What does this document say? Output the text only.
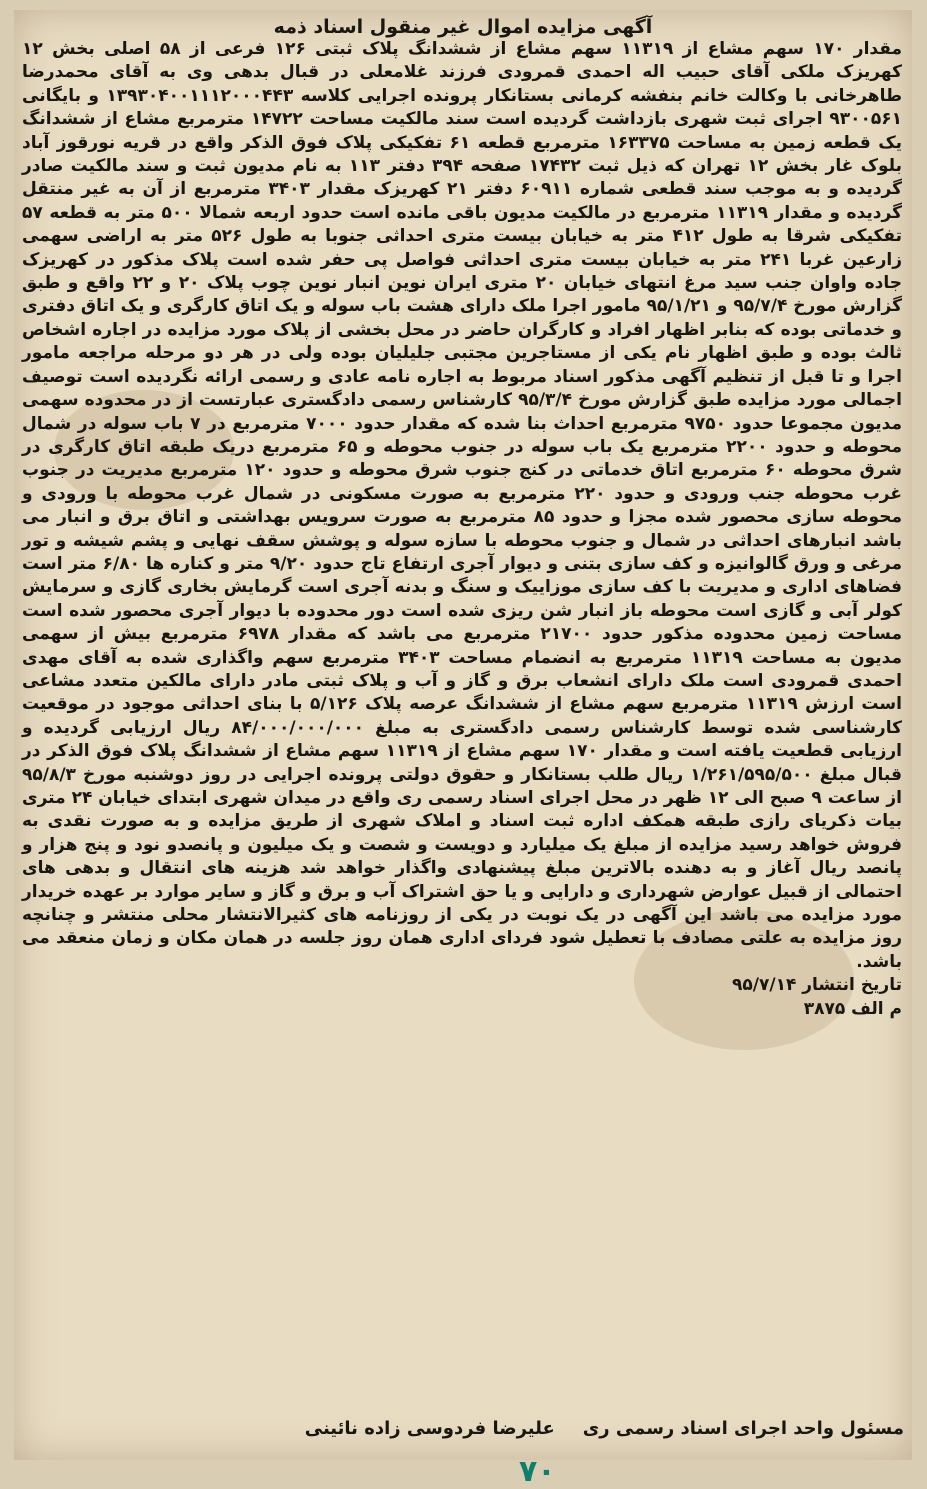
آگهی مزایده اموال غیر منقول اسناد ذمه

مقدار ۱۷۰ سهم مشاع از ۱۱۳۱۹ سهم مشاع از ششدانگ پلاک ثبتی ۱۲۶ فرعی از ۵۸ اصلی بخش ۱۲ کهریزک ملکی آقای حبیب اله احمدی قمرودی فرزند غلامعلی در قبال بدهی وی به آقای محمدرضا طاهرخانی با وکالت خانم بنفشه کرمانی بستانکار پرونده اجرایی کلاسه ۱۳۹۳۰۴۰۰۱۱۱۲۰۰۰۴۴۳ و بایگانی ۹۳۰۰۵۶۱ اجرای ثبت شهری بازداشت گردیده است سند مالکیت مساحت ۱۴۷۲۲ مترمربع مشاع از ششدانگ یک قطعه زمین به مساحت ۱۶۳۳۷۵ مترمربع قطعه ۶۱ تفکیکی پلاک فوق الذکر واقع در قریه نورقوز آباد بلوک غار بخش ۱۲ تهران که ذیل ثبت ۱۷۴۳۲ صفحه ۳۹۴ دفتر ۱۱۳ به نام مدیون ثبت و سند مالکیت صادر گردیده و به موجب سند قطعی شماره ۶۰۹۱۱ دفتر ۲۱ کهریزک مقدار ۳۴۰۳ مترمربع از آن به غیر منتقل گردیده و مقدار ۱۱۳۱۹ مترمربع در مالکیت مدیون باقی مانده است حدود اربعه شمالا ۵۰۰ متر به قطعه ۵۷ تفکیکی شرقا به طول ۴۱۲ متر به خیابان بیست متری احداثی جنوبا به طول ۵۲۶ متر به اراضی سهمی زارعین غربا ۲۴۱ متر به خیابان بیست متری احداثی فواصل پی حفر شده است پلاک مذکور در کهریزک جاده واوان جنب سید مرغ انتهای خیابان ۲۰ متری ایران نوین انبار نوین چوب پلاک ۲۰ و ۲۲ واقع و طبق گزارش مورخ ۹۵/۷/۴ و ۹۵/۱/۲۱ مامور اجرا ملک دارای هشت باب سوله و یک اتاق کارگری و یک اتاق دفتری و خدماتی بوده که بنابر اظهار افراد و کارگران حاضر در محل بخشی از پلاک مورد مزایده در اجاره اشخاص ثالث بوده و طبق اظهار نام یکی از مستاجرین مجتبی جلیلیان بوده ولی در هر دو مرحله مراجعه مامور اجرا و تا قبل از تنظیم آگهی مذکور اسناد مربوط به اجاره نامه عادی و رسمی ارائه نگردیده است توصیف اجمالی مورد مزایده طبق گزارش مورخ ۹۵/۳/۴ کارشناس رسمی دادگستری عبارتست از در محدوده سهمی مدیون مجموعا حدود ۹۷۵۰ مترمربع احداث بنا شده که مقدار حدود ۷۰۰۰ مترمربع در ۷ باب سوله در شمال محوطه و حدود ۲۲۰۰ مترمربع یک باب سوله در جنوب محوطه و ۶۵ مترمربع دریک طبقه اتاق کارگری در شرق محوطه ۶۰ مترمربع اتاق خدماتی در کنج جنوب شرق محوطه و حدود ۱۲۰ مترمربع مدیریت در جنوب غرب محوطه جنب ورودی و حدود ۲۲۰ مترمربع به صورت مسکونی در شمال غرب محوطه با ورودی و محوطه سازی محصور شده مجزا و حدود ۸۵ مترمربع به صورت سرویس بهداشتی و اتاق برق و انبار می باشد انبارهای احداثی در شمال و جنوب محوطه با سازه سوله و پوشش سقف نهایی و پشم شیشه و تور مرغی و ورق گالوانیزه و کف سازی بتنی و دیوار آجری ارتفاع تاج حدود ۹/۲۰ متر و کناره ها ۶/۸۰ متر است فضاهای اداری و مدیریت با کف سازی موزاییک و سنگ و بدنه آجری است گرمایش بخاری گازی و سرمایش کولر آبی و گازی است محوطه باز انبار شن ریزی شده است دور محدوده با دیوار آجری محصور شده است مساحت زمین محدوده مذکور حدود ۲۱۷۰۰ مترمربع می باشد که مقدار ۶۹۷۸ مترمربع بیش از سهمی مدیون به مساحت ۱۱۳۱۹ مترمربع به انضمام مساحت ۳۴۰۳ مترمربع سهم واگذاری شده به آقای مهدی احمدی قمرودی است ملک دارای انشعاب برق و گاز و آب و پلاک ثبتی مادر دارای مالکین متعدد مشاعی است ارزش ۱۱۳۱۹ مترمربع سهم مشاع از ششدانگ عرصه پلاک ۵/۱۲۶ با بنای احداثی موجود در موقعیت کارشناسی شده توسط کارشناس رسمی دادگستری به مبلغ ۸۴/۰۰۰/۰۰۰/۰۰۰ ریال ارزیابی گردیده و ارزیابی قطعیت یافته است و مقدار ۱۷۰ سهم مشاع از ۱۱۳۱۹ سهم مشاع از ششدانگ پلاک فوق الذکر در قبال مبلغ ۱/۲۶۱/۵۹۵/۵۰۰ ریال طلب بستانکار و حقوق دولتی پرونده اجرایی در روز دوشنبه مورخ ۹۵/۸/۳ از ساعت ۹ صبح الی ۱۲ ظهر در محل اجرای اسناد رسمی ری واقع در میدان شهری ابتدای خیابان ۲۴ متری بیات ذکریای رازی طبقه همکف اداره ثبت اسناد و املاک شهری از طریق مزایده و به صورت نقدی به فروش خواهد رسید مزایده از مبلغ یک میلیارد و دویست و شصت و یک میلیون و پانصدو نود و پنج هزار و پانصد ریال آغاز و به دهنده بالاترین مبلغ پیشنهادی واگذار خواهد شد هزینه های انتقال و بدهی های احتمالی از قبیل عوارض شهرداری و دارایی و یا حق اشتراک آب و برق و گاز و سایر موارد بر عهده خریدار مورد مزایده می باشد این آگهی در یک نوبت در یکی از روزنامه های کثیرالانتشار محلی منتشر و چنانچه روز مزایده به علتی مصادف با تعطیل شود فردای اداری همان روز جلسه در همان مکان و زمان منعقد می باشد.

تاریخ انتشار ۹۵/۷/۱۴

م الف ۳۸۷۵

مسئول واحد اجرای اسناد رسمی ری
علیرضا فردوسی زاده نائینی
۷۰
